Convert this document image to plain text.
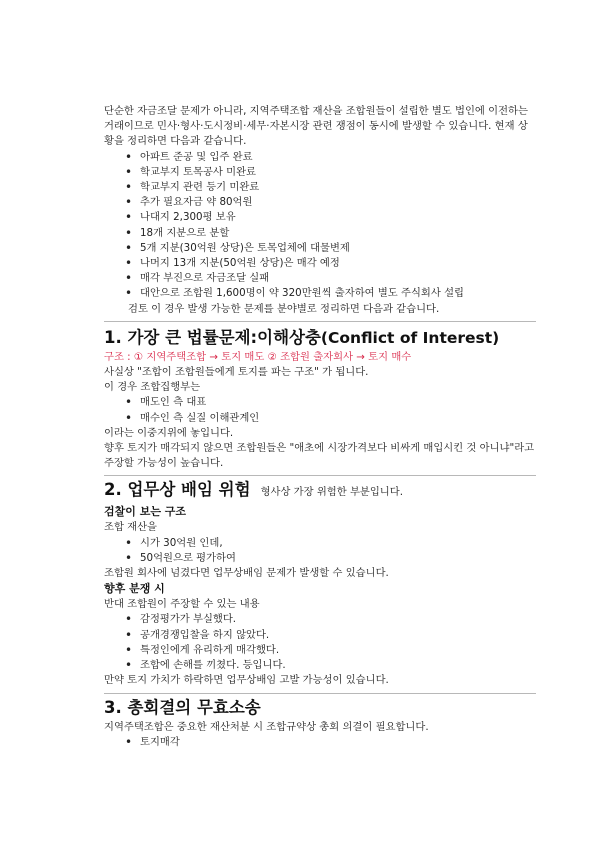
단순한 자금조달 문제가 아니라, 지역주택조합 재산을 조합원들이 설립한 별도 법인에 이전하는 거래이므로 민사·형사·도시정비·세무·자본시장 관련 쟁점이 동시에 발생할 수 있습니다. 현재 상황을 정리하면 다음과 같습니다.

• 아파트 준공 및 입주 완료
• 학교부지 토목공사 미완료
• 학교부지 관련 등기 미완료
• 추가 필요자금 약 80억원
• 나대지 2,300평 보유
• 18개 지분으로 분할
• 5개 지분(30억원 상당)은 토목업체에 대물변제
• 나머지 13개 지분(50억원 상당)은 매각 예정
• 매각 부진으로 자금조달 실패
• 대안으로 조합원 1,600명이 약 320만원씩 출자하여 별도 주식회사 설립

검토 이 경우 발생 가능한 문제를 분야별로 정리하면 다음과 같습니다.

1. 가장 큰 법률문제:이해상충(Conflict of Interest)

구조 : ① 지역주택조합 → 토지 매도 ② 조합원 출자회사 → 토지 매수

사실상 "조합이 조합원들에게 토지를 파는 구조" 가 됩니다.

이 경우 조합집행부는

• 매도인 측 대표
• 매수인 측 실질 이해관계인

이라는 이중지위에 놓입니다.

향후 토지가 매각되지 않으면 조합원들은 "애초에 시장가격보다 비싸게 매입시킨 것 아니냐"라고 주장할 가능성이 높습니다.

2. 업무상 배임 위험 형사상 가장 위험한 부분입니다.

검찰이 보는 구조

조합 재산을

• 시가 30억원 인데,
• 50억원으로 평가하여

조합원 회사에 넘겼다면 업무상배임 문제가 발생할 수 있습니다.

향후 분쟁 시

반대 조합원이 주장할 수 있는 내용

• 감정평가가 부실했다.
• 공개경쟁입찰을 하지 않았다.
• 특정인에게 유리하게 매각했다.
• 조합에 손해를 끼쳤다. 등입니다.

만약 토지 가치가 하락하면 업무상배임 고발 가능성이 있습니다.

3. 총회결의 무효소송

지역주택조합은 중요한 재산처분 시 조합규약상 총회 의결이 필요합니다.

• 토지매각
